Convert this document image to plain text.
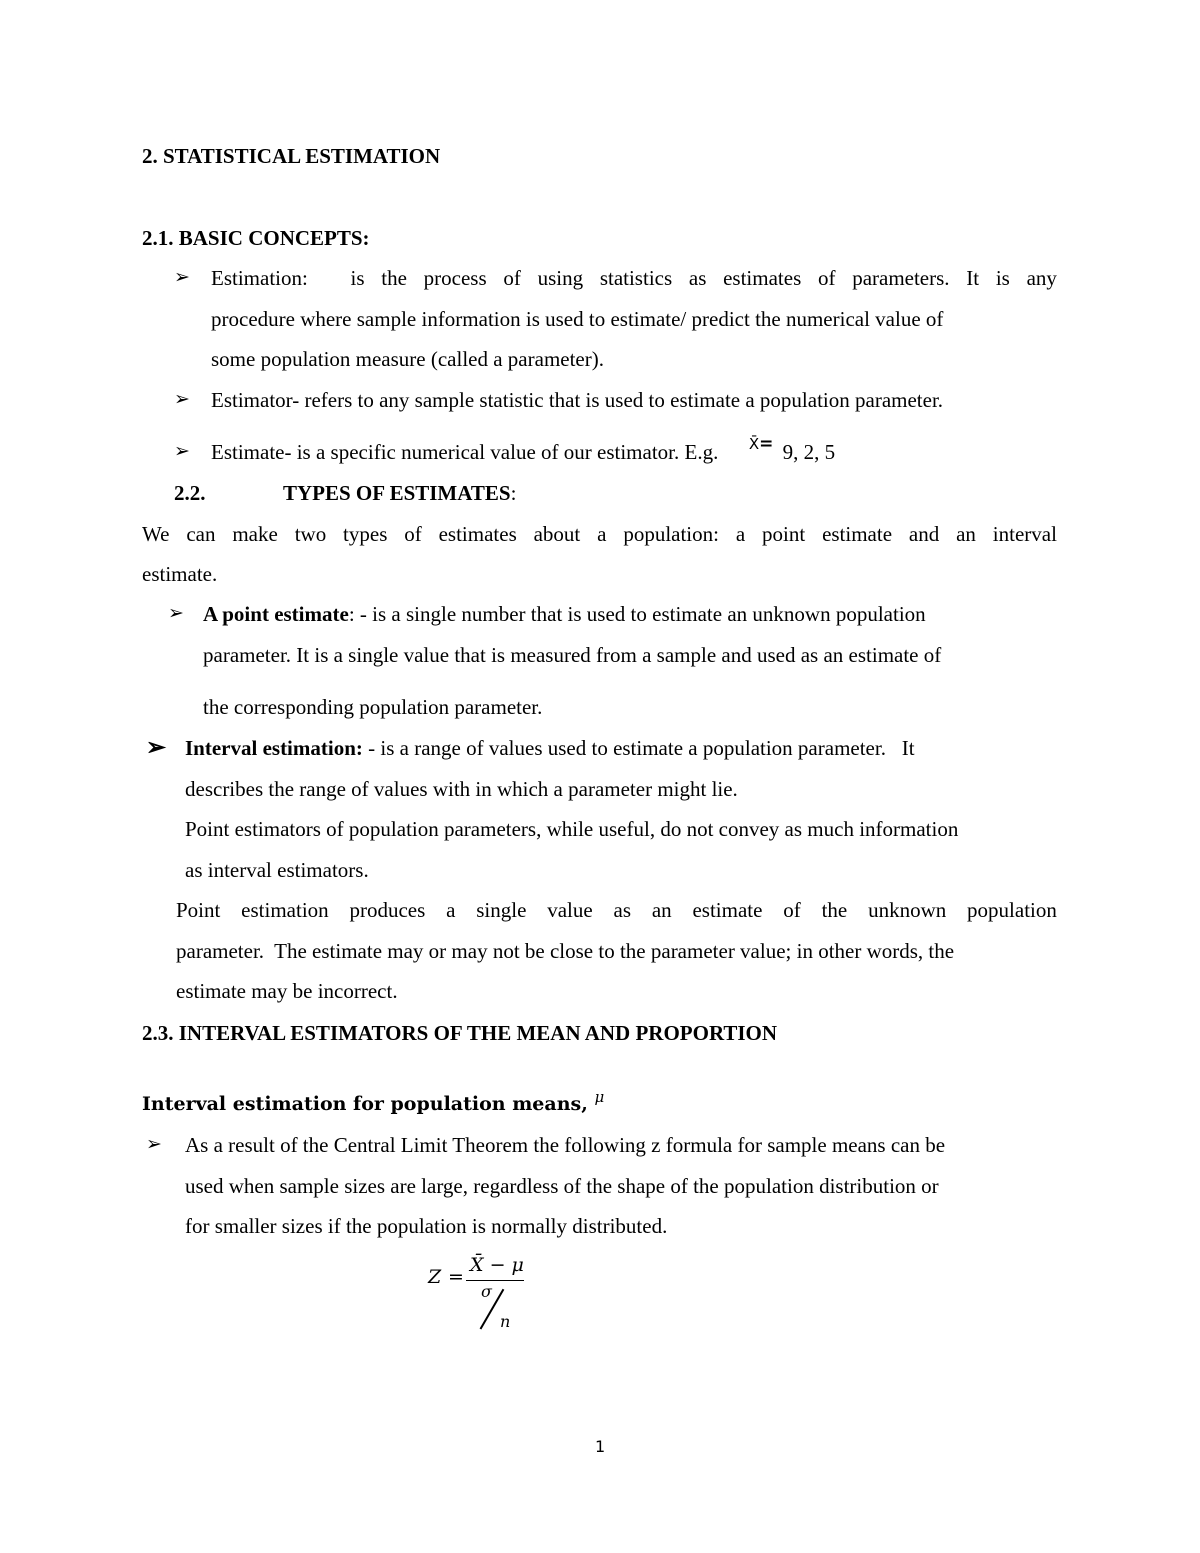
2. STATISTICAL ESTIMATION
2.1. BASIC CONCEPTS:
➢ Estimation: is the process of using statistics as estimates of parameters. It is any
procedure where sample information is used to estimate/ predict the numerical value of
some population measure (called a parameter).
➢ Estimator- refers to any sample statistic that is used to estimate a population parameter.
➢ Estimate- is a specific numerical value of our estimator. E.g. $^{X̄=}$ 9, 2, 5
2.2.	TYPES OF ESTIMATES:
We can make two types of estimates about a population: a point estimate and an interval
estimate.
➢ A point estimate: - is a single number that is used to estimate an unknown population
parameter. It is a single value that is measured from a sample and used as an estimate of
the corresponding population parameter.
➢ Interval estimation: - is a range of values used to estimate a population parameter.   It
describes the range of values with in which a parameter might lie.
Point estimators of population parameters, while useful, do not convey as much information
as interval estimators.
Point estimation produces a single value as an estimate of the unknown population
parameter.  The estimate may or may not be close to the parameter value; in other words, the
estimate may be incorrect.
2.3. INTERVAL ESTIMATORS OF THE MEAN AND PROPORTION
Interval estimation for population means, $^\mu$
➢ As a result of the Central Limit Theorem the following z formula for sample means can be
used when sample sizes are large, regardless of the shape of the population distribution or
for smaller sizes if the population is normally distributed.
Z =
X̄ − μ
σ
n
1
